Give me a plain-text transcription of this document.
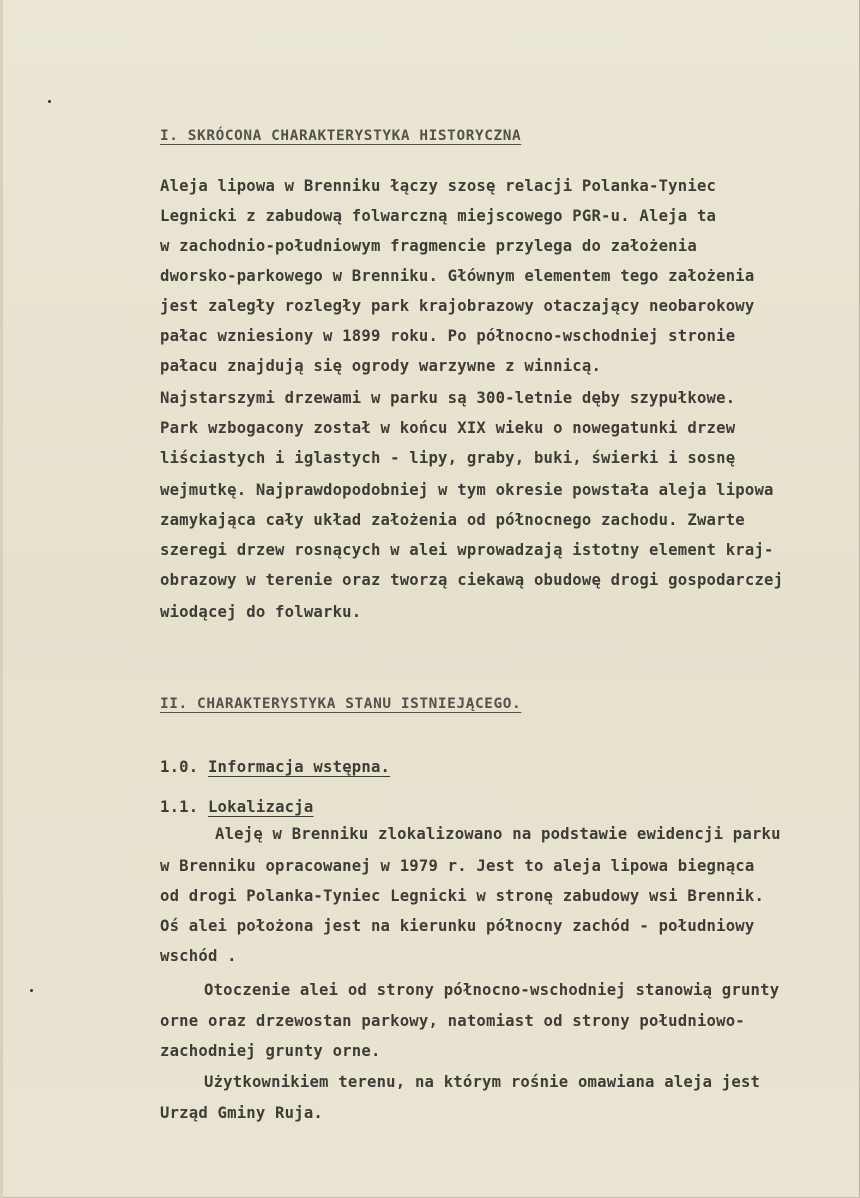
I. SKRÓCONA CHARAKTERYSTYKA HISTORYCZNA
Aleja lipowa w Brenniku łączy szosę relacji Polanka-Tyniec
Legnicki z zabudową folwarczną miejscowego PGR-u. Aleja ta
w zachodnio-południowym fragmencie przylega do założenia
dworsko-parkowego w Brenniku. Głównym elementem tego założenia
jest zaległy rozległy park krajobrazowy otaczający neobarokowy
pałac wzniesiony w 1899 roku. Po północno-wschodniej stronie
pałacu znajdują się ogrody warzywne z winnicą.
Najstarszymi drzewami w parku są 300-letnie dęby szypułkowe.
Park wzbogacony został w końcu XIX wieku o nowegatunki drzew
liściastych i iglastych - lipy, graby, buki, świerki i sosnę
wejmutkę. Najprawdopodobniej w tym okresie powstała aleja lipowa
zamykająca cały układ założenia od północnego zachodu. Zwarte
szeregi drzew rosnących w alei wprowadzają istotny element kraj-
obrazowy w terenie oraz tworzą ciekawą obudowę drogi gospodarczej
wiodącej do folwarku.
II. CHARAKTERYSTYKA STANU ISTNIEJĄCEGO.
1.0. Informacja wstępna.
1.1. Lokalizacja
Aleję w Brenniku zlokalizowano na podstawie ewidencji parku
w Brenniku opracowanej w 1979 r. Jest to aleja lipowa biegnąca
od drogi Polanka-Tyniec Legnicki w stronę zabudowy wsi Brennik.
Oś alei położona jest na kierunku północny zachód - południowy
wschód .
Otoczenie alei od strony północno-wschodniej stanowią grunty
orne oraz drzewostan parkowy, natomiast od strony południowo-
zachodniej grunty orne.
Użytkownikiem terenu, na którym rośnie omawiana aleja jest
Urząd Gminy Ruja.
